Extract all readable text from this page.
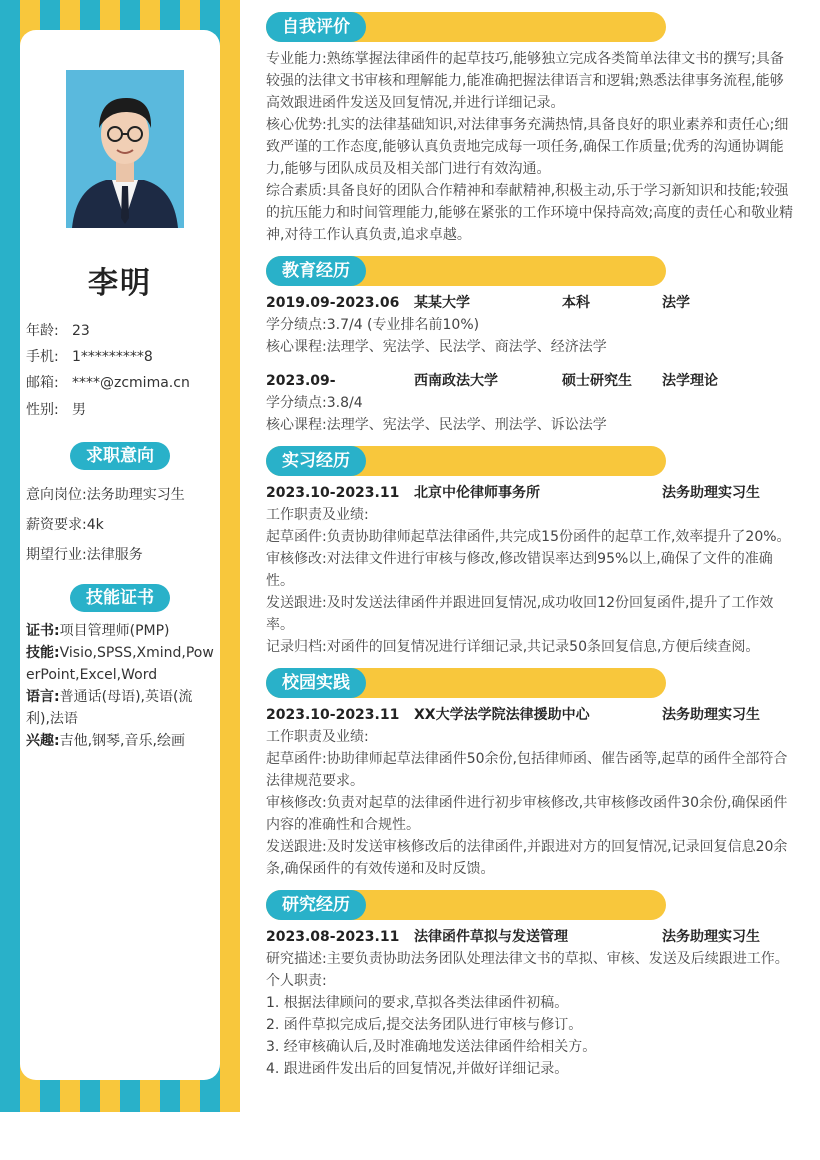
李明
年龄: 23
手机: 1*********8
邮箱: ****@zcmima.cn
性别: 男
求职意向
意向岗位:法务助理实习生
薪资要求:4k
期望行业:法律服务
技能证书

证书:项目管理师(PMP)

技能:Visio,SPSS,Xmind,PowerPoint,Excel,Word

语言:普通话(母语),英语(流利),法语

兴趣:吉他,钢琴,音乐,绘画

自我评价

专业能力:熟练掌握法律函件的起草技巧,能够独立完成各类简单法律文书的撰写;具备较强的法律文书审核和理解能力,能准确把握法律语言和逻辑;熟悉法律事务流程,能够高效跟进函件发送及回复情况,并进行详细记录。

核心优势:扎实的法律基础知识,对法律事务充满热情,具备良好的职业素养和责任心;细致严谨的工作态度,能够认真负责地完成每一项任务,确保工作质量;优秀的沟通协调能力,能够与团队成员及相关部门进行有效沟通。

综合素质:具备良好的团队合作精神和奉献精神,积极主动,乐于学习新知识和技能;较强的抗压能力和时间管理能力,能够在紧张的工作环境中保持高效;高度的责任心和敬业精神,对待工作认真负责,追求卓越。

教育经历
2019.09-2023.06 某某大学	本科	法学

学分绩点:3.7/4 (专业排名前10%)

核心课程:法理学、宪法学、民法学、商法学、经济法学

2023.09-	西南政法大学	硕士研究生 法学理论

学分绩点:3.8/4

核心课程:法理学、宪法学、民法学、刑法学、诉讼法学

实习经历
2023.10-2023.11 北京中伦律师事务所	法务助理实习生

工作职责及业绩:

起草函件:负责协助律师起草法律函件,共完成15份函件的起草工作,效率提升了20%。

审核修改:对法律文件进行审核与修改,修改错误率达到95%以上,确保了文件的准确性。

发送跟进:及时发送法律函件并跟进回复情况,成功收回12份回复函件,提升了工作效率。

记录归档:对函件的回复情况进行详细记录,共记录50条回复信息,方便后续查阅。

校园实践
2023.10-2023.11 XX大学法学院法律援助中心	法务助理实习生

工作职责及业绩:

起草函件:协助律师起草法律函件50余份,包括律师函、催告函等,起草的函件全部符合法律规范要求。

审核修改:负责对起草的法律函件进行初步审核修改,共审核修改函件30余份,确保函件内容的准确性和合规性。

发送跟进:及时发送审核修改后的法律函件,并跟进对方的回复情况,记录回复信息20余条,确保函件的有效传递和及时反馈。

研究经历
2023.08-2023.11 法律函件草拟与发送管理	法务助理实习生

研究描述:主要负责协助法务团队处理法律文书的草拟、审核、发送及后续跟进工作。

个人职责:

1. 根据法律顾问的要求,草拟各类法律函件初稿。

2. 函件草拟完成后,提交法务团队进行审核与修订。

3. 经审核确认后,及时准确地发送法律函件给相关方。

4. 跟进函件发出后的回复情况,并做好详细记录。
